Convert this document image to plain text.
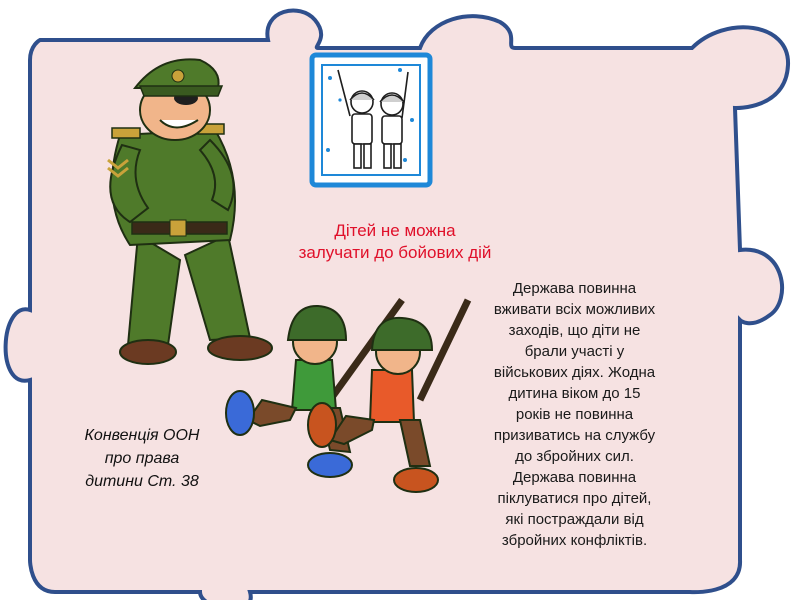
Дітей не можна
залучати до бойових дій
Держава повинна
вживати всіх можливих
заходів, що діти не
брали участі у
військових діях. Жодна
дитина віком до 15
років не повинна
призиватись на службу
до збройних сил.
Держава повинна
піклуватися про дітей,
які постраждали від
збройних конфліктів.
Конвенція ООН
про права
дитини Ст. 38
